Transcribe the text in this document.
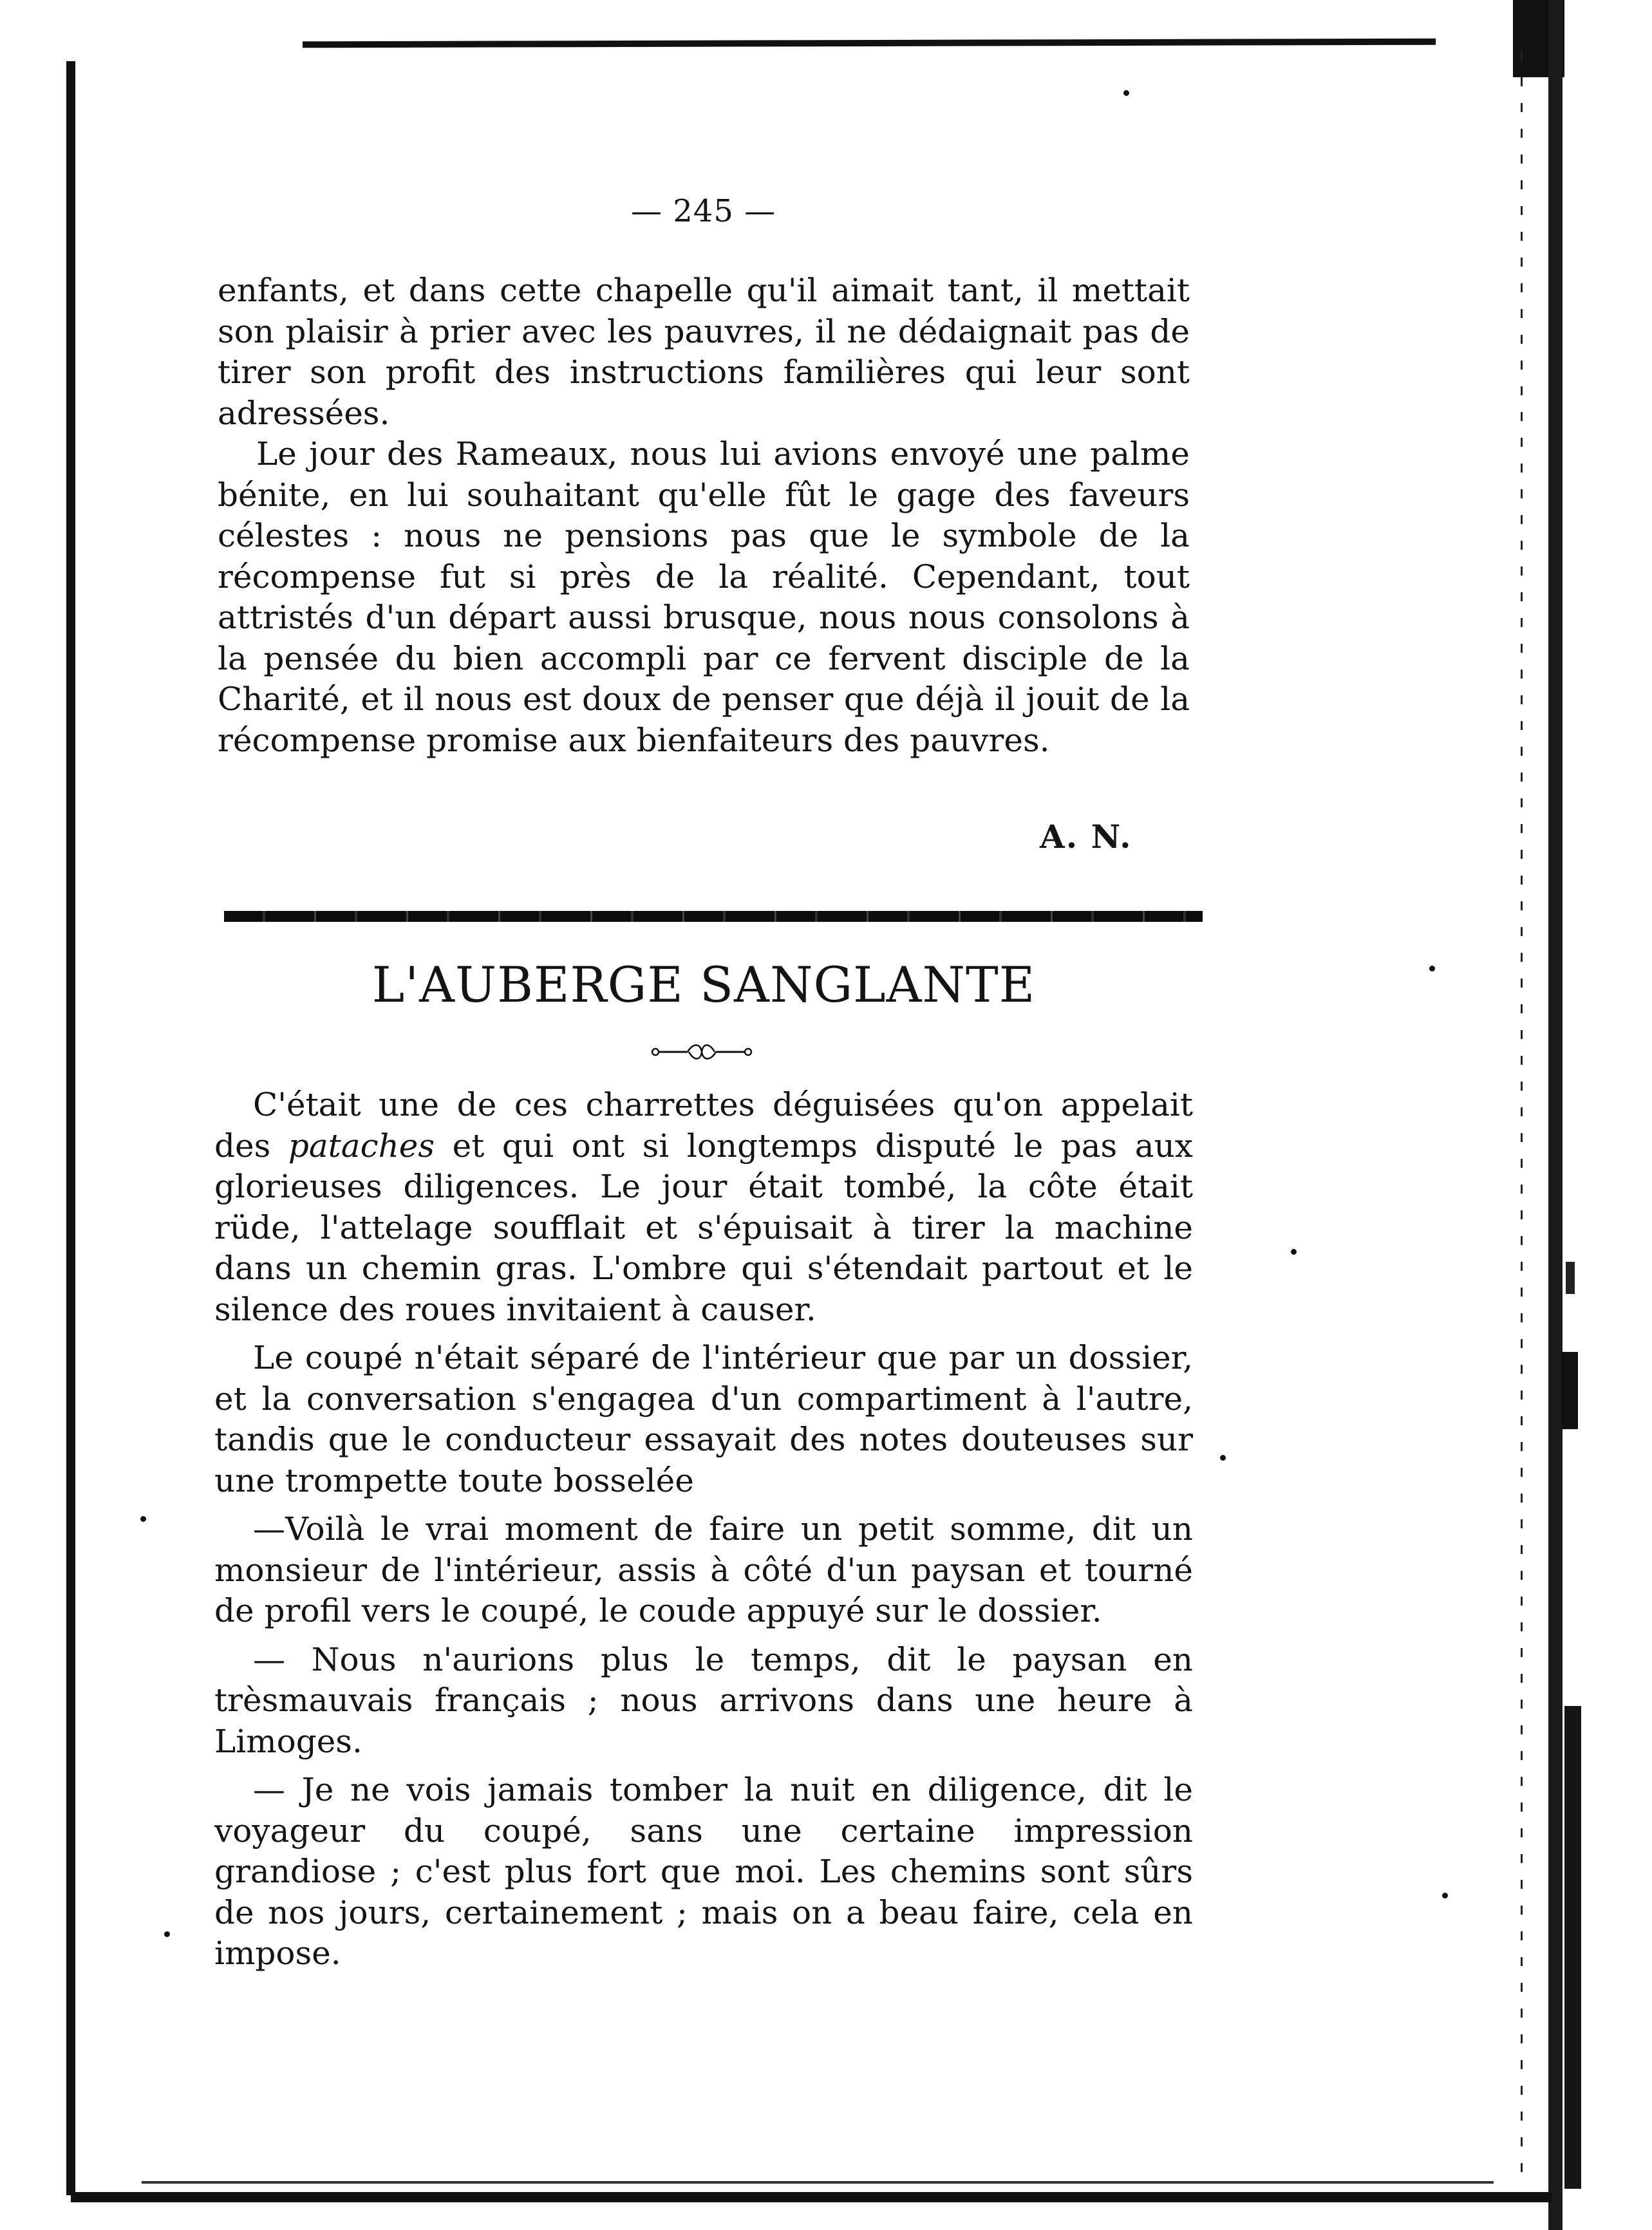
— 245 —

enfants, et dans cette chapelle qu'il aimait tant, il mettait son plaisir à prier avec les pauvres, il ne dédaignait pas de tirer son profit des instructions familières qui leur sont adressées.

Le jour des Rameaux, nous lui avions envoyé une palme bénite, en lui souhaitant qu'elle fût le gage des faveurs célestes : nous ne pensions pas que le symbole de la récompense fut si près de la réalité. Cependant, tout attristés d'un départ aussi brusque, nous nous consolons à la pensée du bien accompli par ce fervent disciple de la Charité, et il nous est doux de penser que déjà il jouit de la récompense promise aux bienfaiteurs des pauvres.

A. N.
L'AUBERGE SANGLANTE

C'était une de ces charrettes déguisées qu'on appelait des pataches et qui ont si longtemps disputé le pas aux glorieuses diligences. Le jour était tombé, la côte était rüde, l'attelage soufflait et s'épuisait à tirer la machine dans un chemin gras. L'ombre qui s'étendait partout et le silence des roues invitaient à causer.

Le coupé n'était séparé de l'intérieur que par un dossier, et la conversation s'engagea d'un compartiment à l'autre, tandis que le conducteur essayait des notes douteuses sur une trompette toute bosselée

—Voilà le vrai moment de faire un petit somme, dit un monsieur de l'intérieur, assis à côté d'un paysan et tourné de profil vers le coupé, le coude appuyé sur le dossier.

— Nous n'aurions plus le temps, dit le paysan en trèsmauvais français ; nous arrivons dans une heure à Limoges.

— Je ne vois jamais tomber la nuit en diligence, dit le voyageur du coupé, sans une certaine impression grandiose ; c'est plus fort que moi. Les chemins sont sûrs de nos jours, certainement ; mais on a beau faire, cela en impose.
